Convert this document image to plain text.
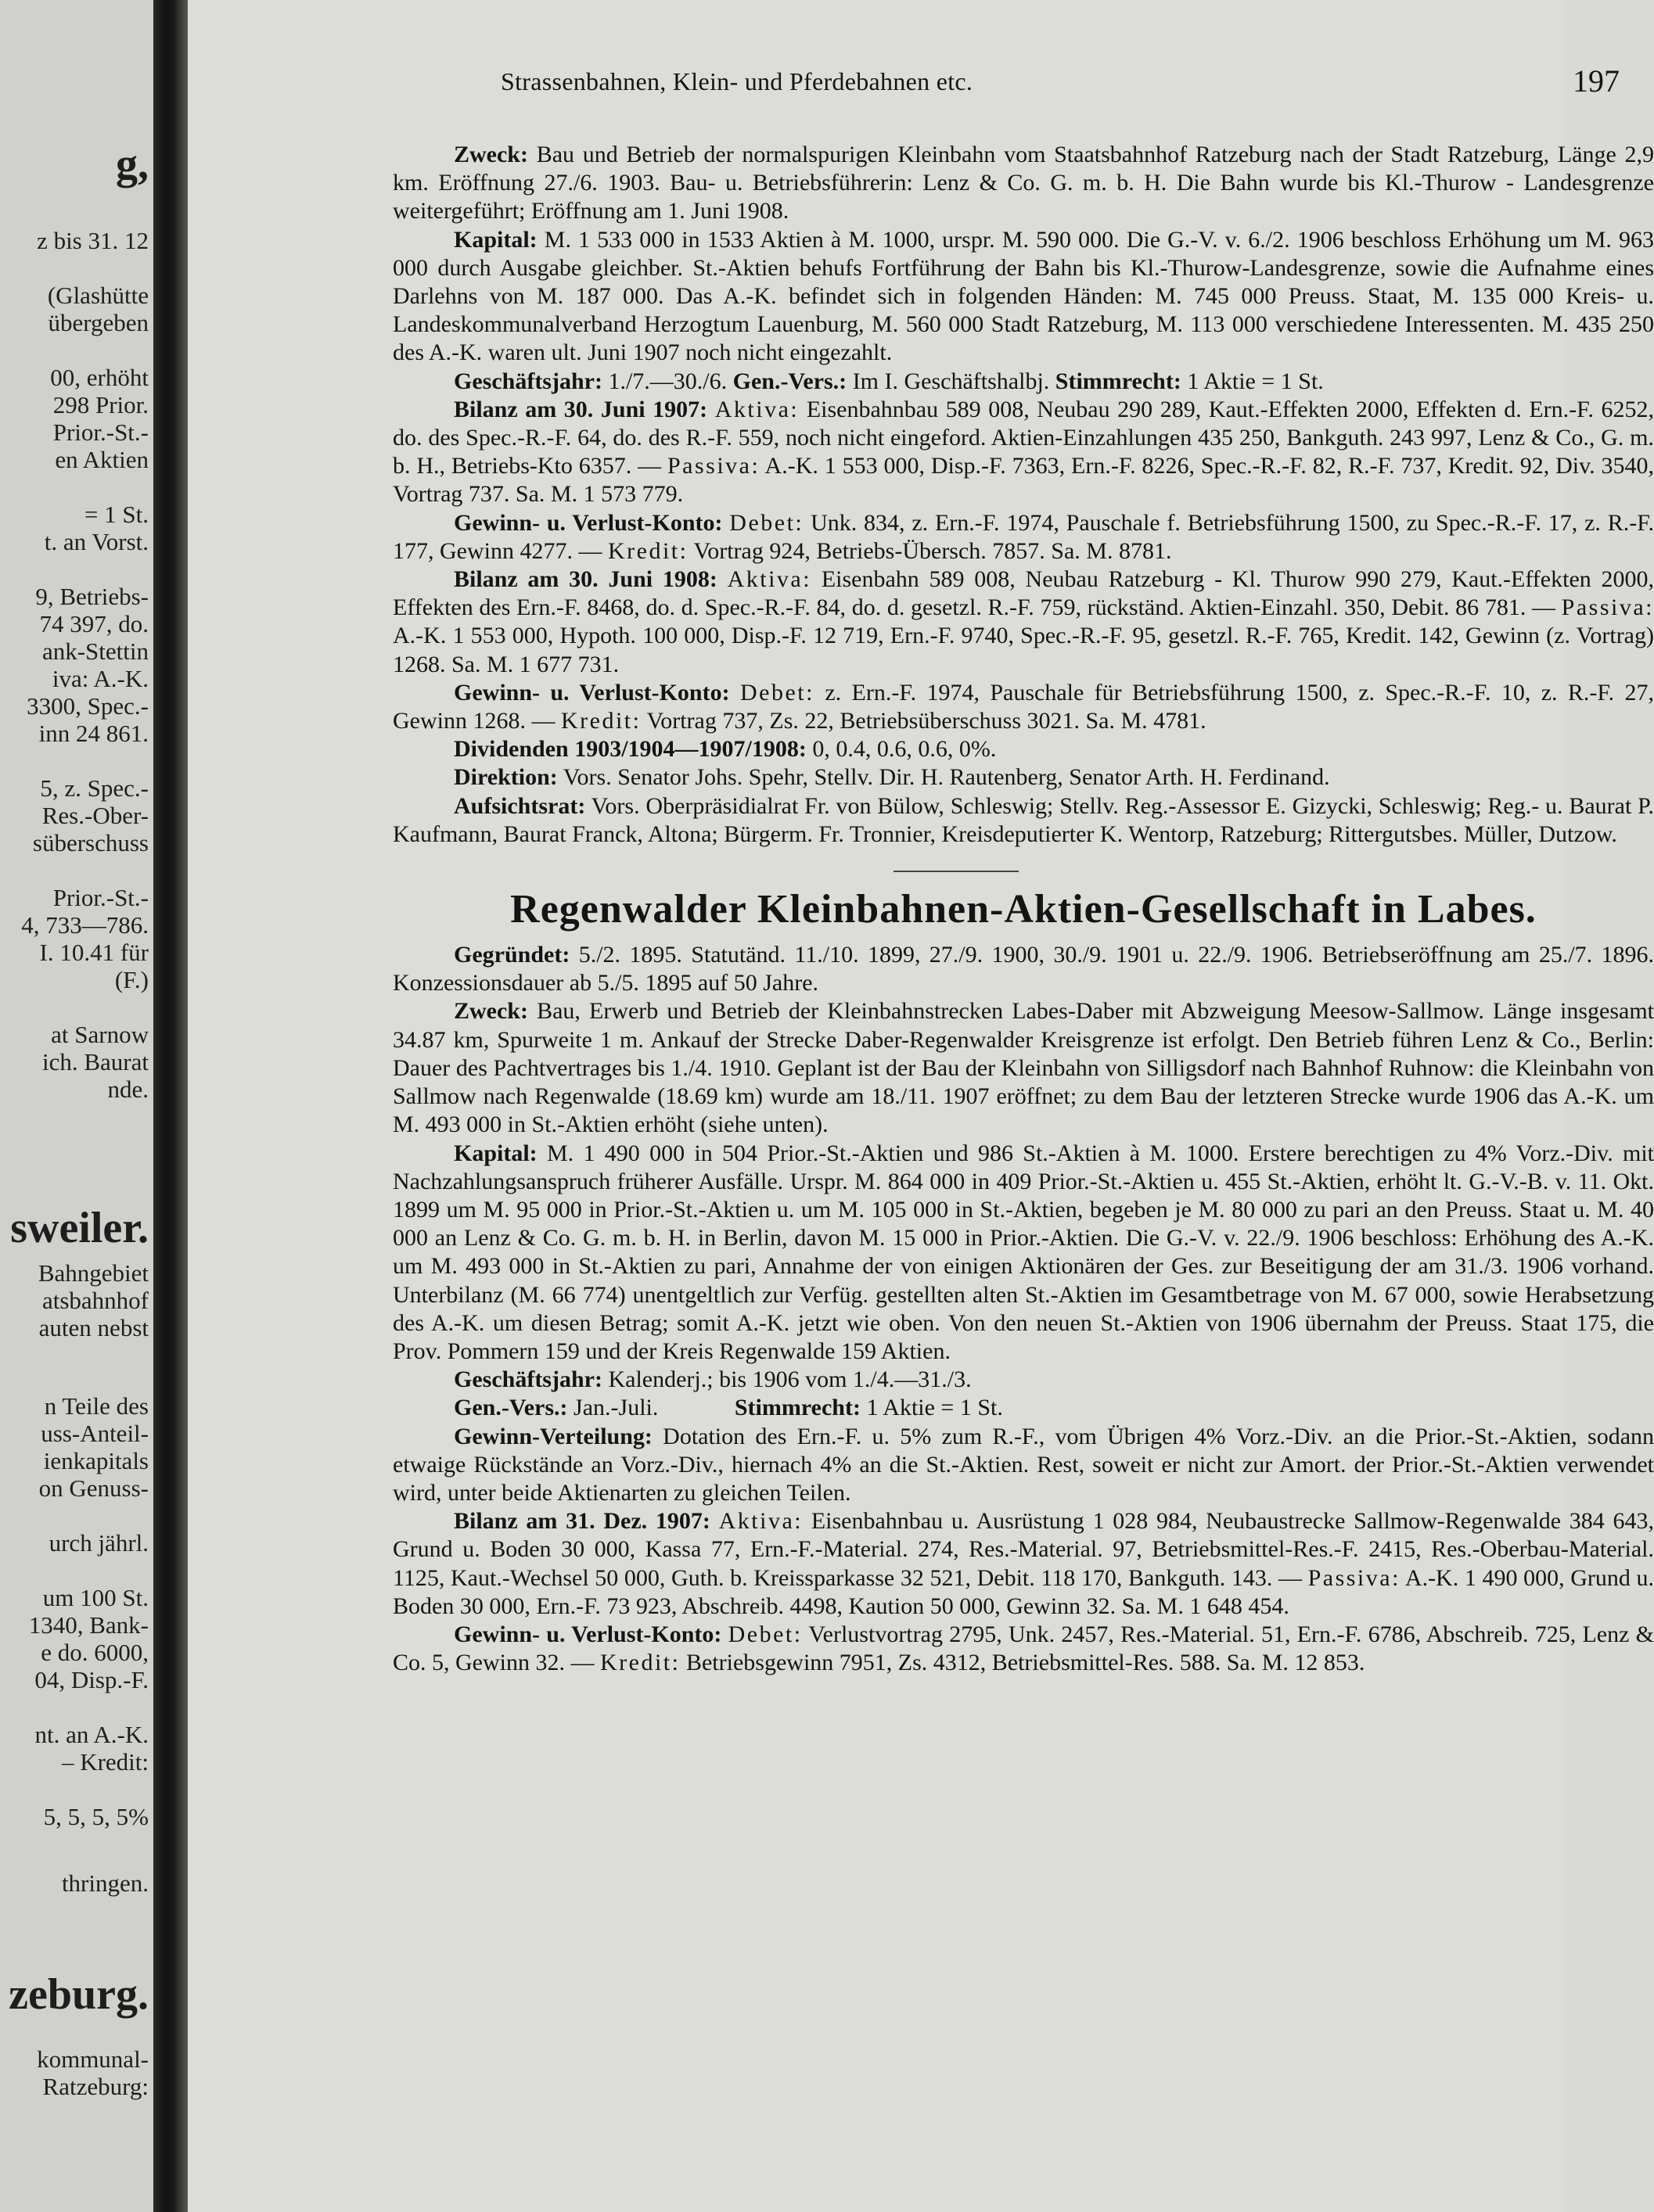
g,
z bis 31. 12
(Glashütte
übergeben
00, erhöht
298 Prior.
Prior.-St.-
en Aktien
= 1 St.
t. an Vorst.
9, Betriebs-
74 397, do.
ank-Stettin
iva: A.-K.
3300, Spec.-
inn 24 861.
5, z. Spec.-
Res.-Ober-
süberschuss
Prior.-St.-
4, 733—786.
I. 10.41 für
(F.)
at Sarnow
ich. Baurat
nde.
sweiler.
Bahngebiet
atsbahnhof
auten nebst
n Teile des
uss-Anteil-
ienkapitals
on Genuss-
urch jährl.
um 100 St.
1340, Bank-
e do. 6000,
04, Disp.-F.
nt. an A.-K.
– Kredit:
5, 5, 5, 5%
thringen.
zeburg.
kommunal-
Ratzeburg:
Strassenbahnen, Klein- und Pferdebahnen etc.	197

Zweck: Bau und Betrieb der normalspurigen Kleinbahn vom Staatsbahnhof Ratzeburg nach der Stadt Ratzeburg, Länge 2,9 km. Eröffnung 27./6. 1903. Bau- u. Betriebsführerin: Lenz & Co. G. m. b. H. Die Bahn wurde bis Kl.-Thurow - Landesgrenze weitergeführt; Eröffnung am 1. Juni 1908.

Kapital: M. 1 533 000 in 1533 Aktien à M. 1000, urspr. M. 590 000. Die G.-V. v. 6./2. 1906 beschloss Erhöhung um M. 963 000 durch Ausgabe gleichber. St.-Aktien behufs Fortführung der Bahn bis Kl.-Thurow-Landesgrenze, sowie die Aufnahme eines Darlehns von M. 187 000. Das A.-K. befindet sich in folgenden Händen: M. 745 000 Preuss. Staat, M. 135 000 Kreis- u. Landeskommunalverband Herzogtum Lauenburg, M. 560 000 Stadt Ratzeburg, M. 113 000 verschiedene Interessenten. M. 435 250 des A.-K. waren ult. Juni 1907 noch nicht eingezahlt.

Geschäftsjahr: 1./7.—30./6. Gen.-Vers.: Im I. Geschäftshalbj. Stimmrecht: 1 Aktie = 1 St.

Bilanz am 30. Juni 1907: Aktiva: Eisenbahnbau 589 008, Neubau 290 289, Kaut.-Effekten 2000, Effekten d. Ern.-F. 6252, do. des Spec.-R.-F. 64, do. des R.-F. 559, noch nicht eingeford. Aktien-Einzahlungen 435 250, Bankguth. 243 997, Lenz & Co., G. m. b. H., Betriebs-Kto 6357. — Passiva: A.-K. 1 553 000, Disp.-F. 7363, Ern.-F. 8226, Spec.-R.-F. 82, R.-F. 737, Kredit. 92, Div. 3540, Vortrag 737. Sa. M. 1 573 779.

Gewinn- u. Verlust-Konto: Debet: Unk. 834, z. Ern.-F. 1974, Pauschale f. Betriebsführung 1500, zu Spec.-R.-F. 17, z. R.-F. 177, Gewinn 4277. — Kredit: Vortrag 924, Betriebs-Übersch. 7857. Sa. M. 8781.

Bilanz am 30. Juni 1908: Aktiva: Eisenbahn 589 008, Neubau Ratzeburg - Kl. Thurow 990 279, Kaut.-Effekten 2000, Effekten des Ern.-F. 8468, do. d. Spec.-R.-F. 84, do. d. gesetzl. R.-F. 759, rückständ. Aktien-Einzahl. 350, Debit. 86 781. — Passiva: A.-K. 1 553 000, Hypoth. 100 000, Disp.-F. 12 719, Ern.-F. 9740, Spec.-R.-F. 95, gesetzl. R.-F. 765, Kredit. 142, Gewinn (z. Vortrag) 1268. Sa. M. 1 677 731.

Gewinn- u. Verlust-Konto: Debet: z. Ern.-F. 1974, Pauschale für Betriebsführung 1500, z. Spec.-R.-F. 10, z. R.-F. 27, Gewinn 1268. — Kredit: Vortrag 737, Zs. 22, Betriebsüberschuss 3021. Sa. M. 4781.

Dividenden 1903/1904—1907/1908: 0, 0.4, 0.6, 0.6, 0%.

Direktion: Vors. Senator Johs. Spehr, Stellv. Dir. H. Rautenberg, Senator Arth. H. Ferdinand.

Aufsichtsrat: Vors. Oberpräsidialrat Fr. von Bülow, Schleswig; Stellv. Reg.-Assessor E. Gizycki, Schleswig; Reg.- u. Baurat P. Kaufmann, Baurat Franck, Altona; Bürgerm. Fr. Tronnier, Kreisdeputierter K. Wentorp, Ratzeburg; Rittergutsbes. Müller, Dutzow.

Regenwalder Kleinbahnen-Aktien-Gesellschaft in Labes.

Gegründet: 5./2. 1895. Statutänd. 11./10. 1899, 27./9. 1900, 30./9. 1901 u. 22./9. 1906. Betriebseröffnung am 25./7. 1896. Konzessionsdauer ab 5./5. 1895 auf 50 Jahre.

Zweck: Bau, Erwerb und Betrieb der Kleinbahnstrecken Labes-Daber mit Abzweigung Meesow-Sallmow. Länge insgesamt 34.87 km, Spurweite 1 m. Ankauf der Strecke Daber-Regenwalder Kreisgrenze ist erfolgt. Den Betrieb führen Lenz & Co., Berlin: Dauer des Pachtvertrages bis 1./4. 1910. Geplant ist der Bau der Kleinbahn von Silligsdorf nach Bahnhof Ruhnow: die Kleinbahn von Sallmow nach Regenwalde (18.69 km) wurde am 18./11. 1907 eröffnet; zu dem Bau der letzteren Strecke wurde 1906 das A.-K. um M. 493 000 in St.-Aktien erhöht (siehe unten).

Kapital: M. 1 490 000 in 504 Prior.-St.-Aktien und 986 St.-Aktien à M. 1000. Erstere berechtigen zu 4% Vorz.-Div. mit Nachzahlungsanspruch früherer Ausfälle. Urspr. M. 864 000 in 409 Prior.-St.-Aktien u. 455 St.-Aktien, erhöht lt. G.-V.-B. v. 11. Okt. 1899 um M. 95 000 in Prior.-St.-Aktien u. um M. 105 000 in St.-Aktien, begeben je M. 80 000 zu pari an den Preuss. Staat u. M. 40 000 an Lenz & Co. G. m. b. H. in Berlin, davon M. 15 000 in Prior.-Aktien. Die G.-V. v. 22./9. 1906 beschloss: Erhöhung des A.-K. um M. 493 000 in St.-Aktien zu pari, Annahme der von einigen Aktionären der Ges. zur Beseitigung der am 31./3. 1906 vorhand. Unterbilanz (M. 66 774) unentgeltlich zur Verfüg. gestellten alten St.-Aktien im Gesamtbetrage von M. 67 000, sowie Herabsetzung des A.-K. um diesen Betrag; somit A.-K. jetzt wie oben. Von den neuen St.-Aktien von 1906 übernahm der Preuss. Staat 175, die Prov. Pommern 159 und der Kreis Regenwalde 159 Aktien.

Geschäftsjahr: Kalenderj.; bis 1906 vom 1./4.—31./3.

Gen.-Vers.: Jan.-Juli.	Stimmrecht: 1 Aktie = 1 St.

Gewinn-Verteilung: Dotation des Ern.-F. u. 5% zum R.-F., vom Übrigen 4% Vorz.-Div. an die Prior.-St.-Aktien, sodann etwaige Rückstände an Vorz.-Div., hiernach 4% an die St.-Aktien. Rest, soweit er nicht zur Amort. der Prior.-St.-Aktien verwendet wird, unter beide Aktienarten zu gleichen Teilen.

Bilanz am 31. Dez. 1907: Aktiva: Eisenbahnbau u. Ausrüstung 1 028 984, Neubaustrecke Sallmow-Regenwalde 384 643, Grund u. Boden 30 000, Kassa 77, Ern.-F.-Material. 274, Res.-Material. 97, Betriebsmittel-Res.-F. 2415, Res.-Oberbau-Material. 1125, Kaut.-Wechsel 50 000, Guth. b. Kreissparkasse 32 521, Debit. 118 170, Bankguth. 143. — Passiva: A.-K. 1 490 000, Grund u. Boden 30 000, Ern.-F. 73 923, Abschreib. 4498, Kaution 50 000, Gewinn 32. Sa. M. 1 648 454.

Gewinn- u. Verlust-Konto: Debet: Verlustvortrag 2795, Unk. 2457, Res.-Material. 51, Ern.-F. 6786, Abschreib. 725, Lenz & Co. 5, Gewinn 32. — Kredit: Betriebsgewinn 7951, Zs. 4312, Betriebsmittel-Res. 588. Sa. M. 12 853.
